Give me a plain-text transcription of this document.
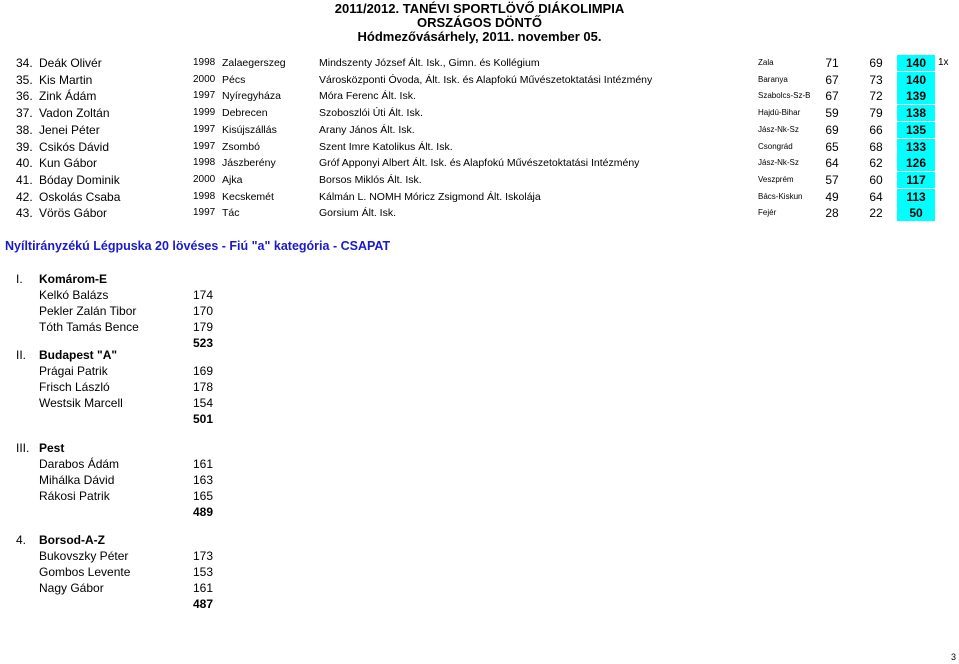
2011/2012. TANÉVI SPORTLÖVŐ DIÁKOLIMPIA
ORSZÁGOS DÖNTŐ
Hódmezővásárhely, 2011. november 05.
34. Deák Olivér	1998 Zalaegerszeg	Mindszenty József Ált. Isk., Gimn. és Kollégium	Zala	71	69	140	1x
35. Kis Martin	2000 Pécs	Városközponti Óvoda, Ált. Isk. és Alapfokú Művészetoktatási Intézmény	Baranya	67	73	140
36. Zink Ádám	1997 Nyíregyháza	Móra Ferenc Ált. Isk.	Szabolcs-Sz-B	67	72	139
37. Vadon Zoltán	1999 Debrecen	Szoboszlói Úti Ált. Isk.	Hajdú-Bihar	59	79	138
38. Jenei Péter	1997 Kisújszállás	Arany János Ált. Isk.	Jász-Nk-Sz	69	66	135
39. Csikós Dávid	1997 Zsombó	Szent Imre Katolikus Ált. Isk.	Csongrád	65	68	133
40. Kun Gábor	1998 Jászberény	Gróf Apponyi Albert Ált. Isk. és Alapfokú Művészetoktatási Intézmény	Jász-Nk-Sz	64	62	126
41. Bóday Dominik	2000 Ajka	Borsos Miklós Ált. Isk.	Veszprém	57	60	117
42. Oskolás Csaba	1998 Kecskemét	Kálmán L. NOMH Móricz Zsigmond Ált. Iskolája	Bács-Kiskun	49	64	113
43. Vörös Gábor	1997 Tác	Gorsium Ált. Isk.	Fejér	28	22	50
Nyíltirányzékú Légpuska 20 lövéses - Fiú "a" kategória - CSAPAT
I. Komárom-E
Kelkó Balázs	174
Pekler Zalán Tibor	170
Tóth Tamás Bence	179
523
II. Budapest "A"
Prágai Patrik	169
Frisch László	178
Westsik Marcell	154
501
III. Pest
Darabos Ádám	161
Mihálka Dávid	163
Rákosi Patrik	165
489
4. Borsod-A-Z
Bukovszky Péter	173
Gombos Levente	153
Nagy Gábor	161
487
3
